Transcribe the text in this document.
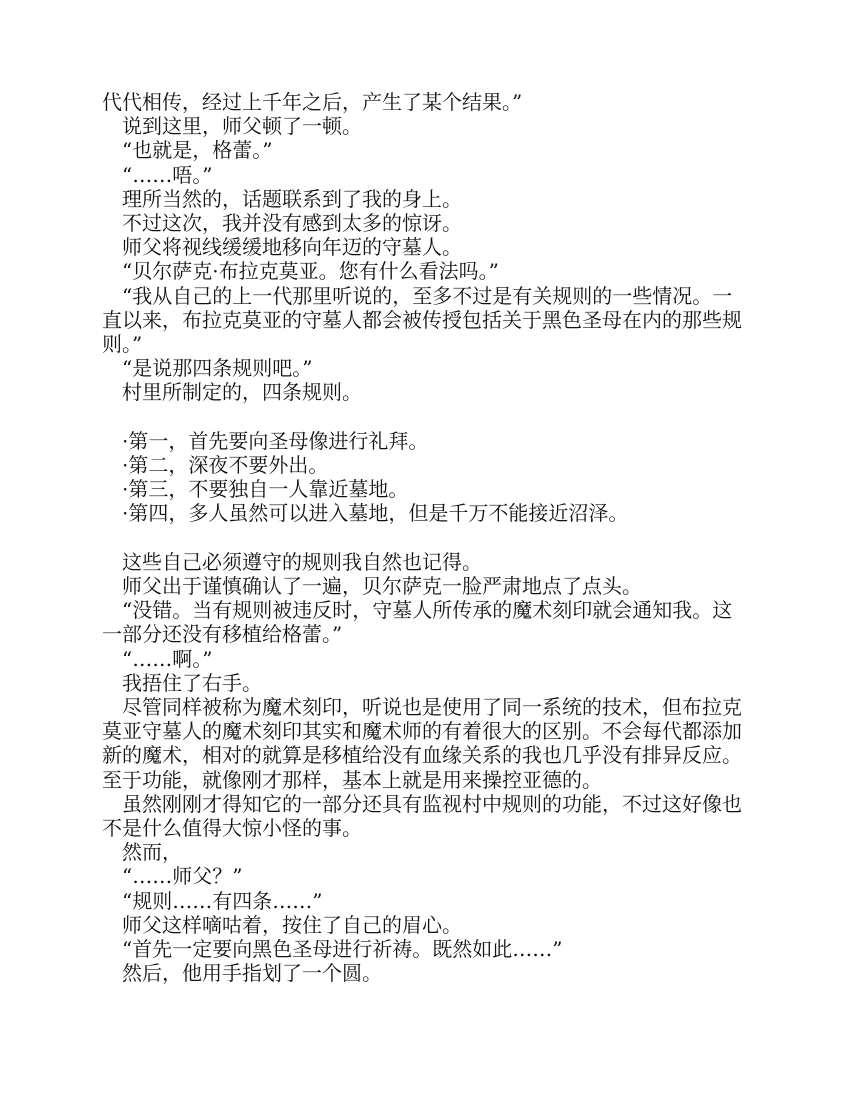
代代相传，经过上千年之后，产生了某个结果。”

说到这里，师父顿了一顿。

“也就是，格蕾。”

“……唔。”

理所当然的，话题联系到了我的身上。

不过这次，我并没有感到太多的惊讶。

师父将视线缓缓地移向年迈的守墓人。

“贝尔萨克·布拉克莫亚。您有什么看法吗。”

“我从自己的上一代那里听说的，至多不过是有关规则的一些情况。一直以来，布拉克莫亚的守墓人都会被传授包括关于黑色圣母在内的那些规则。”

“是说那四条规则吧。”

村里所制定的，四条规则。

·第一，首先要向圣母像进行礼拜。

·第二，深夜不要外出。

·第三，不要独自一人靠近墓地。

·第四，多人虽然可以进入墓地，但是千万不能接近沼泽。

这些自己必须遵守的规则我自然也记得。

师父出于谨慎确认了一遍，贝尔萨克一脸严肃地点了点头。

“没错。当有规则被违反时，守墓人所传承的魔术刻印就会通知我。这一部分还没有移植给格蕾。”

“……啊。”

我捂住了右手。

尽管同样被称为魔术刻印，听说也是使用了同一系统的技术，但布拉克莫亚守墓人的魔术刻印其实和魔术师的有着很大的区别。不会每代都添加新的魔术，相对的就算是移植给没有血缘关系的我也几乎没有排异反应。至于功能，就像刚才那样，基本上就是用来操控亚德的。

虽然刚刚才得知它的一部分还具有监视村中规则的功能，不过这好像也不是什么值得大惊小怪的事。

然而，

“……师父？”

“规则……有四条……”

师父这样嘀咕着，按住了自己的眉心。

“首先一定要向黑色圣母进行祈祷。既然如此……”

然后，他用手指划了一个圆。
